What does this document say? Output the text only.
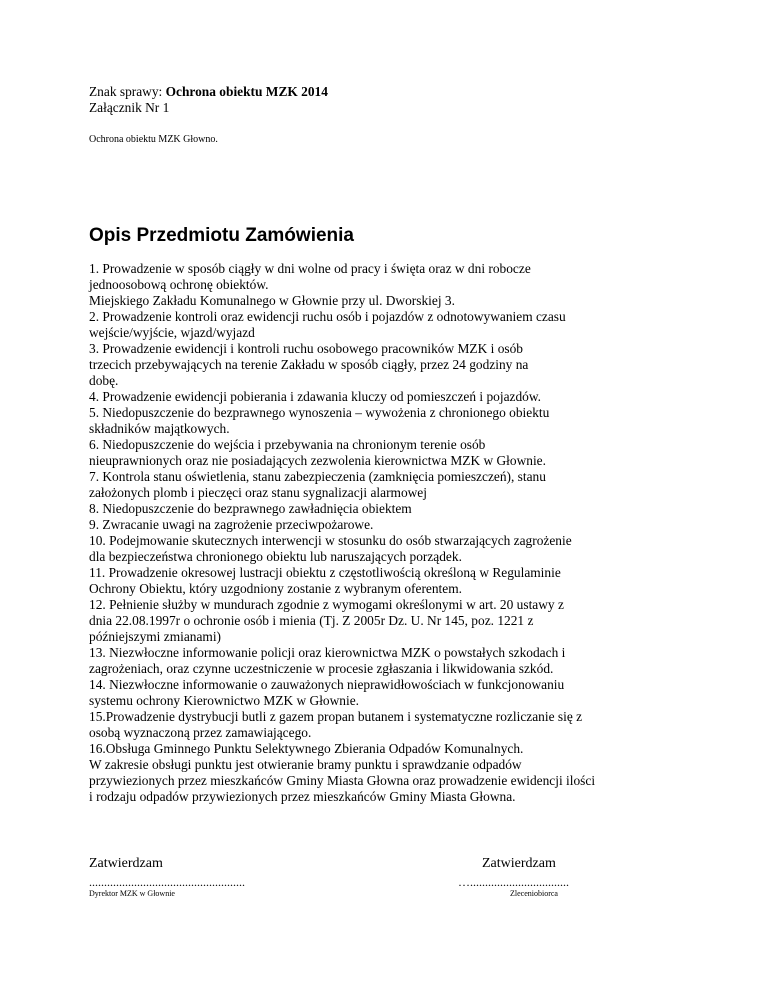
Znak sprawy: Ochrona obiektu MZK 2014
Załącznik Nr 1
Ochrona obiektu MZK Głowno.
Opis Przedmiotu Zamówienia
1. Prowadzenie w sposób ciągły w dni wolne od pracy i święta oraz w dni robocze
jednoosobową ochronę obiektów.
Miejskiego Zakładu Komunalnego w Głownie przy ul. Dworskiej 3.
2. Prowadzenie kontroli oraz ewidencji ruchu osób i pojazdów z odnotowywaniem czasu
wejście/wyjście, wjazd/wyjazd
3. Prowadzenie ewidencji i kontroli ruchu osobowego pracowników MZK i osób
trzecich przebywających na terenie Zakładu w sposób ciągły, przez 24 godziny na
dobę.
4. Prowadzenie ewidencji pobierania i zdawania kluczy od pomieszczeń i pojazdów.
5. Niedopuszczenie do bezprawnego wynoszenia – wywożenia z chronionego obiektu
składników majątkowych.
6. Niedopuszczenie do wejścia i przebywania na chronionym terenie osób
nieuprawnionych oraz nie posiadających zezwolenia kierownictwa MZK w Głownie.
7. Kontrola stanu oświetlenia, stanu zabezpieczenia (zamknięcia pomieszczeń), stanu
założonych plomb i pieczęci oraz stanu sygnalizacji alarmowej
8. Niedopuszczenie do bezprawnego zawładnięcia obiektem
9. Zwracanie uwagi na zagrożenie przeciwpożarowe.
10. Podejmowanie skutecznych interwencji w stosunku do osób stwarzających zagrożenie
dla bezpieczeństwa chronionego obiektu lub naruszających porządek.
11. Prowadzenie okresowej lustracji obiektu z częstotliwością określoną w Regulaminie
Ochrony Obiektu, który uzgodniony zostanie z wybranym oferentem.
12. Pełnienie służby w mundurach zgodnie z wymogami określonymi w art. 20 ustawy z
dnia 22.08.1997r o ochronie osób i mienia (Tj. Z 2005r Dz. U. Nr 145, poz. 1221 z
późniejszymi zmianami)
13. Niezwłoczne informowanie policji oraz kierownictwa MZK o powstałych szkodach i
zagrożeniach, oraz czynne uczestniczenie w procesie zgłaszania i likwidowania szkód.
14. Niezwłoczne informowanie o zauważonych nieprawidłowościach w funkcjonowaniu
systemu ochrony Kierownictwo MZK w Głownie.
15.Prowadzenie dystrybucji butli z gazem propan butanem i systematyczne rozliczanie się z
osobą wyznaczoną przez zamawiającego.
16.Obsługa Gminnego Punktu Selektywnego Zbierania Odpadów Komunalnych.
W zakresie obsługi punktu jest otwieranie bramy punktu i sprawdzanie odpadów
przywiezionych przez mieszkańców Gminy Miasta Głowna oraz prowadzenie ewidencji ilości
i rodzaju odpadów przywiezionych przez mieszkańców Gminy Miasta Głowna.
Zatwierdzam
....................................................
Dyrektor MZK w Głownie
Zatwierdzam
….................................
Zleceniobiorca
